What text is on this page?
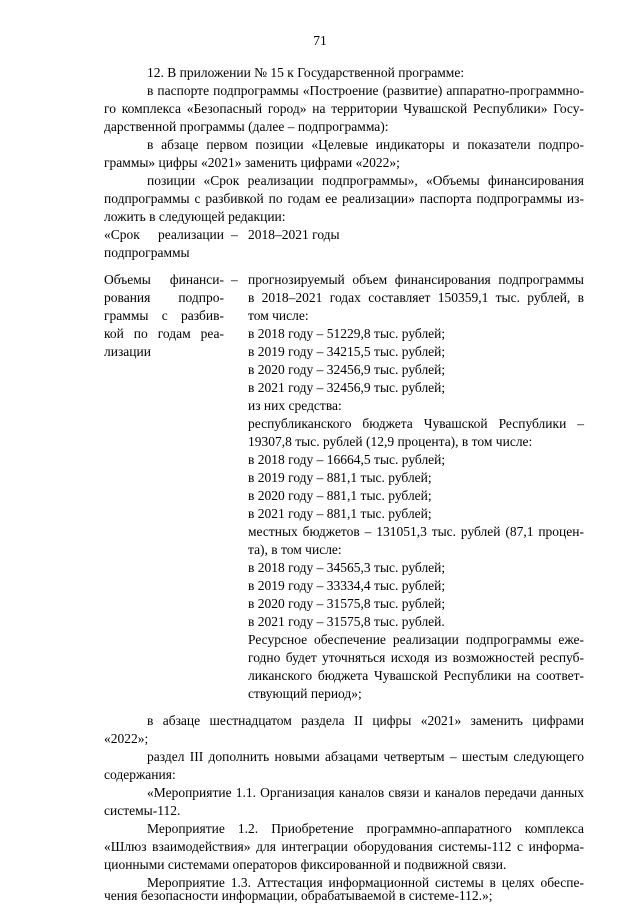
71
12. В приложении № 15 к Государственной программе:
в паспорте подпрограммы «Построение (развитие) аппаратно-программно-
го комплекса «Безопасный город» на территории Чувашской Республики» Госу-
дарственной программы (далее – подпрограмма):
в абзаце первом позиции «Целевые индикаторы и показатели подпро-
граммы» цифры «2021» заменить цифрами «2022»;
позиции «Срок реализации подпрограммы», «Объемы финансирования
подпрограммы с разбивкой по годам ее реализации» паспорта подпрограммы из-
ложить в следующей редакции:
«Срок реализации
подпрограммы
– 2018–2021 годы
Объемы финанси-
рования подпро-
граммы с разбив-
кой по годам реа-
лизации
– прогнозируемый объем финансирования подпрограммы
в 2018–2021 годах составляет 150359,1 тыс. рублей, в
том числе:
в 2018 году – 51229,8 тыс. рублей;
в 2019 году – 34215,5 тыс. рублей;
в 2020 году – 32456,9 тыс. рублей;
в 2021 году – 32456,9 тыс. рублей;
из них средства:
республиканского бюджета Чувашской Республики –
19307,8 тыс. рублей (12,9 процента), в том числе:
в 2018 году – 16664,5 тыс. рублей;
в 2019 году – 881,1 тыс. рублей;
в 2020 году – 881,1 тыс. рублей;
в 2021 году – 881,1 тыс. рублей;
местных бюджетов – 131051,3 тыс. рублей (87,1 процен-
та), в том числе:
в 2018 году – 34565,3 тыс. рублей;
в 2019 году – 33334,4 тыс. рублей;
в 2020 году – 31575,8 тыс. рублей;
в 2021 году – 31575,8 тыс. рублей.
Ресурсное обеспечение реализации подпрограммы еже-
годно будет уточняться исходя из возможностей респуб-
ликанского бюджета Чувашской Республики на соответ-
ствующий период»;
в абзаце шестнадцатом раздела II цифры «2021» заменить цифрами
«2022»;
раздел III дополнить новыми абзацами четвертым – шестым следующего
содержания:
«Мероприятие 1.1. Организация каналов связи и каналов передачи данных
системы-112.
Мероприятие 1.2. Приобретение программно-аппаратного комплекса
«Шлюз взаимодействия» для интеграции оборудования системы-112 с информа-
ционными системами операторов фиксированной и подвижной связи.
Мероприятие 1.3. Аттестация информационной системы в целях обеспе-
чения безопасности информации, обрабатываемой в системе-112.»;
